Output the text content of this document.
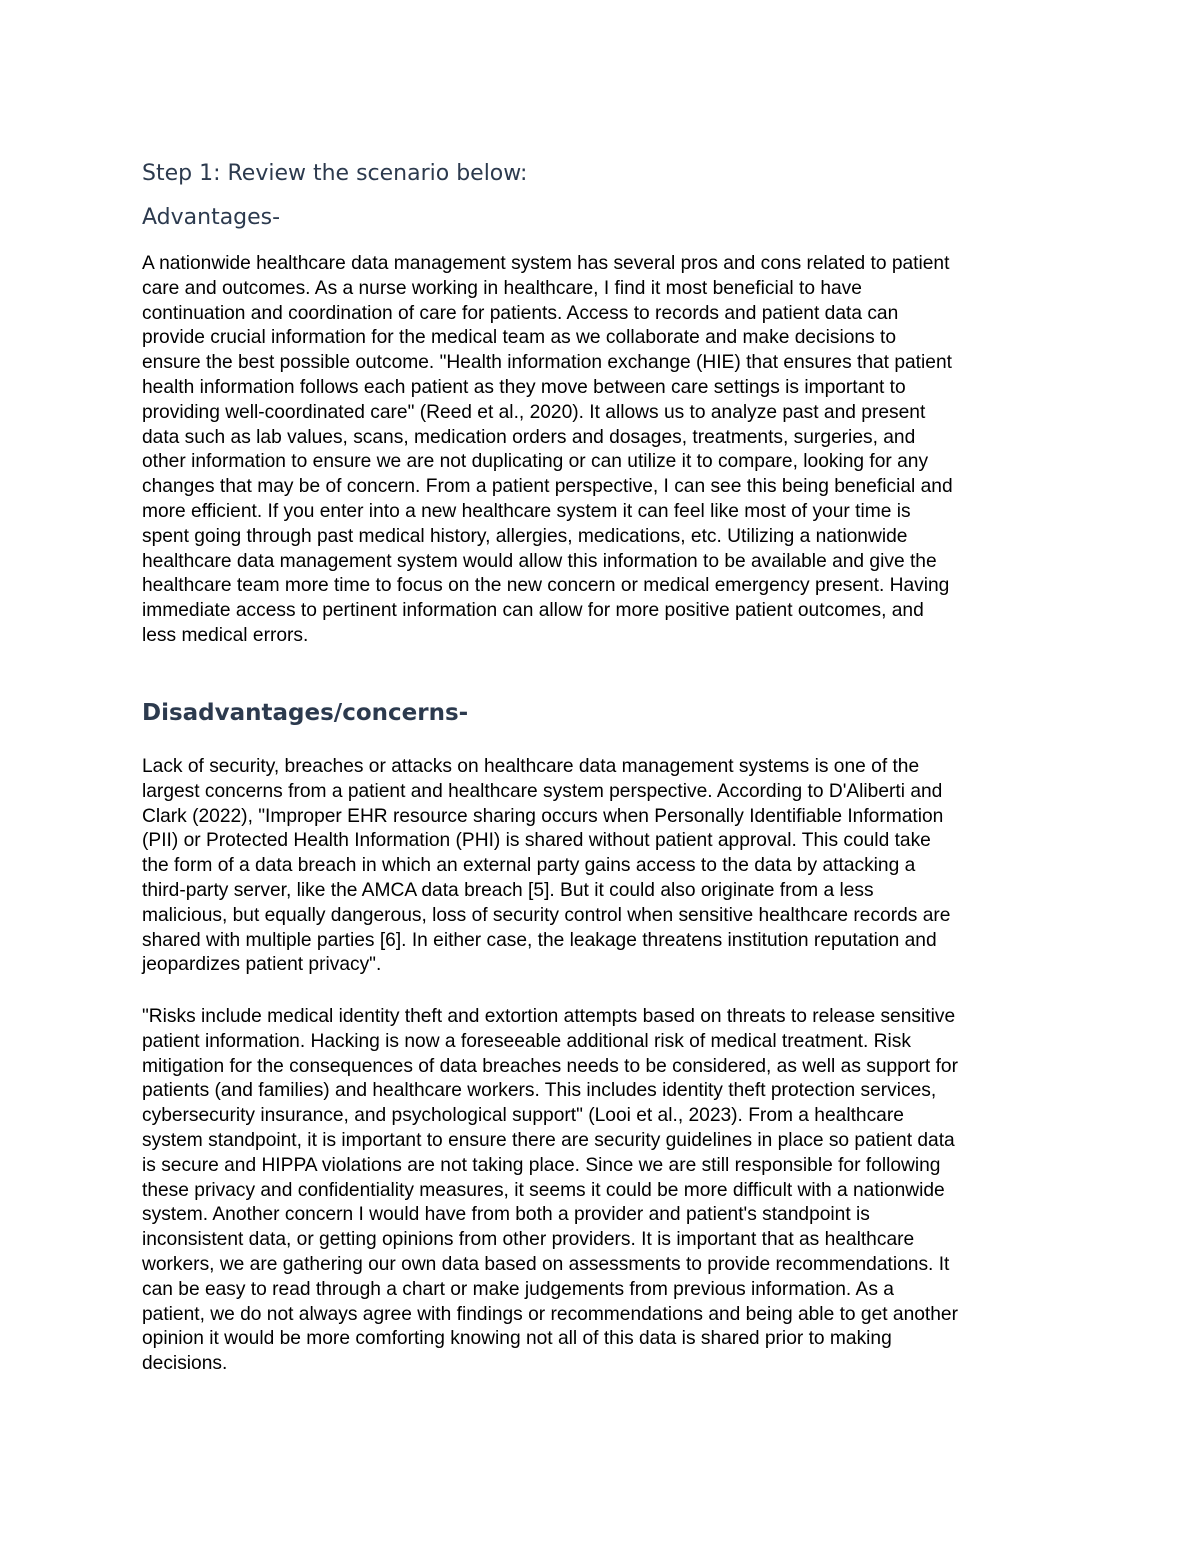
Step 1: Review the scenario below:
Advantages-

A nationwide healthcare data management system has several pros and cons related to patient
care and outcomes. As a nurse working in healthcare, I find it most beneficial to have
continuation and coordination of care for patients. Access to records and patient data can
provide crucial information for the medical team as we collaborate and make decisions to
ensure the best possible outcome. "Health information exchange (HIE) that ensures that patient
health information follows each patient as they move between care settings is important to
providing well-coordinated care" (Reed et al., 2020). It allows us to analyze past and present
data such as lab values, scans, medication orders and dosages, treatments, surgeries, and
other information to ensure we are not duplicating or can utilize it to compare, looking for any
changes that may be of concern. From a patient perspective, I can see this being beneficial and
more efficient. If you enter into a new healthcare system it can feel like most of your time is
spent going through past medical history, allergies, medications, etc. Utilizing a nationwide
healthcare data management system would allow this information to be available and give the
healthcare team more time to focus on the new concern or medical emergency present. Having
immediate access to pertinent information can allow for more positive patient outcomes, and
less medical errors.

Disadvantages/concerns-

Lack of security, breaches or attacks on healthcare data management systems is one of the
largest concerns from a patient and healthcare system perspective. According to D'Aliberti and
Clark (2022), "Improper EHR resource sharing occurs when Personally Identifiable Information
(PII) or Protected Health Information (PHI) is shared without patient approval. This could take
the form of a data breach in which an external party gains access to the data by attacking a
third-party server, like the AMCA data breach [5]. But it could also originate from a less
malicious, but equally dangerous, loss of security control when sensitive healthcare records are
shared with multiple parties [6]. In either case, the leakage threatens institution reputation and
jeopardizes patient privacy".

"Risks include medical identity theft and extortion attempts based on threats to release sensitive
patient information. Hacking is now a foreseeable additional risk of medical treatment. Risk
mitigation for the consequences of data breaches needs to be considered, as well as support for
patients (and families) and healthcare workers. This includes identity theft protection services,
cybersecurity insurance, and psychological support" (Looi et al., 2023). From a healthcare
system standpoint, it is important to ensure there are security guidelines in place so patient data
is secure and HIPPA violations are not taking place. Since we are still responsible for following
these privacy and confidentiality measures, it seems it could be more difficult with a nationwide
system. Another concern I would have from both a provider and patient's standpoint is
inconsistent data, or getting opinions from other providers. It is important that as healthcare
workers, we are gathering our own data based on assessments to provide recommendations. It
can be easy to read through a chart or make judgements from previous information. As a
patient, we do not always agree with findings or recommendations and being able to get another
opinion it would be more comforting knowing not all of this data is shared prior to making
decisions.
